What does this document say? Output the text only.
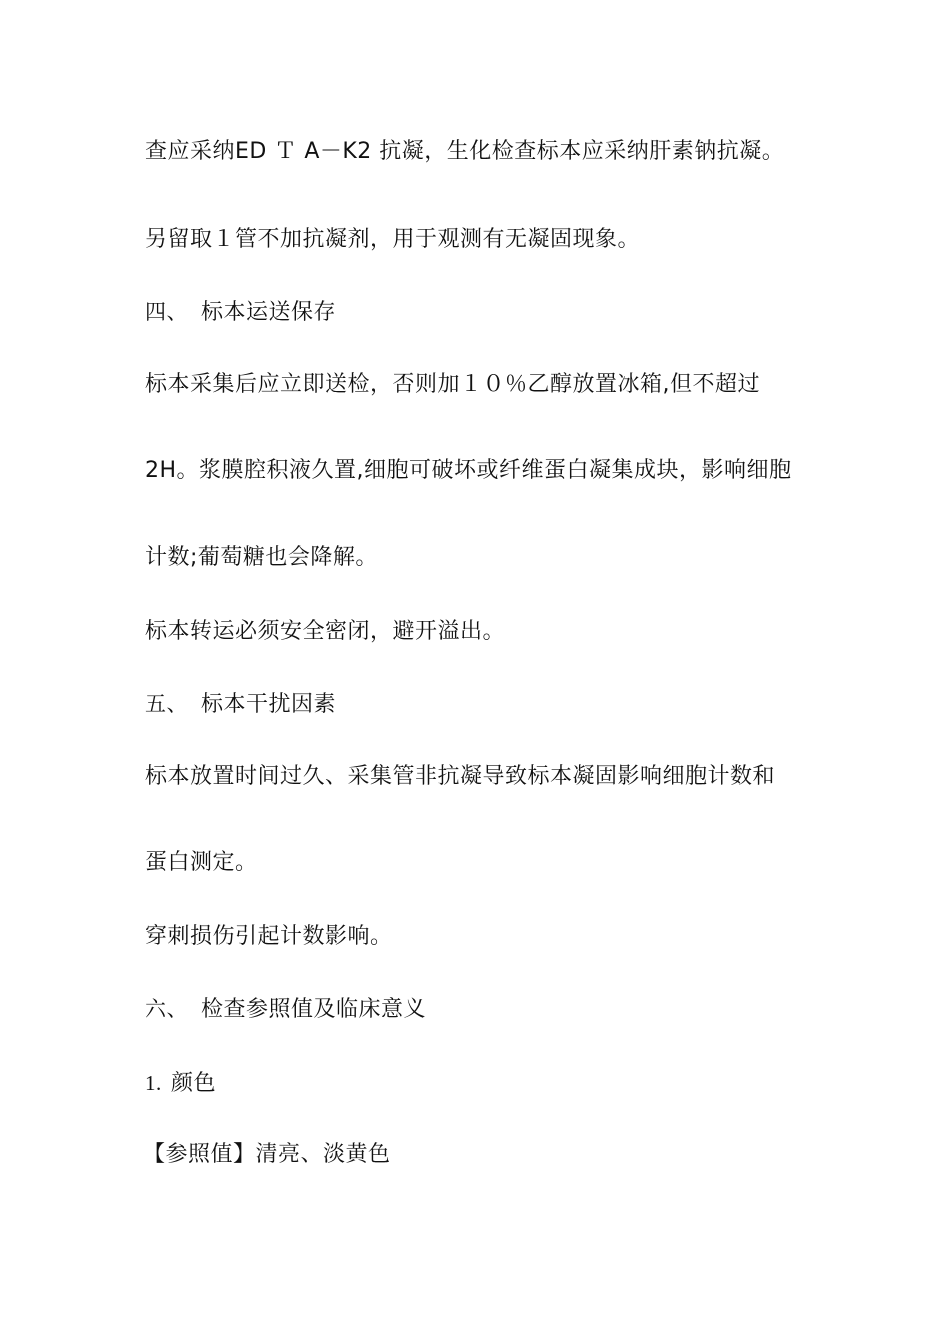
查应采纳ED Ｔ A－K2 抗凝，生化检查标本应采纳肝素钠抗凝。
另留取１管不加抗凝剂，用于观测有无凝固现象。
四、 标本运送保存
标本采集后应立即送检，否则加１０％乙醇放置冰箱,但不超过
2H。浆膜腔积液久置,细胞可破坏或纤维蛋白凝集成块，影响细胞
计数;葡萄糖也会降解。
标本转运必须安全密闭，避开溢出。
五、 标本干扰因素
标本放置时间过久、采集管非抗凝导致标本凝固影响细胞计数和
蛋白测定。
穿刺损伤引起计数影响。
六、 检查参照值及临床意义
1. 颜色
【参照值】清亮、淡黄色
